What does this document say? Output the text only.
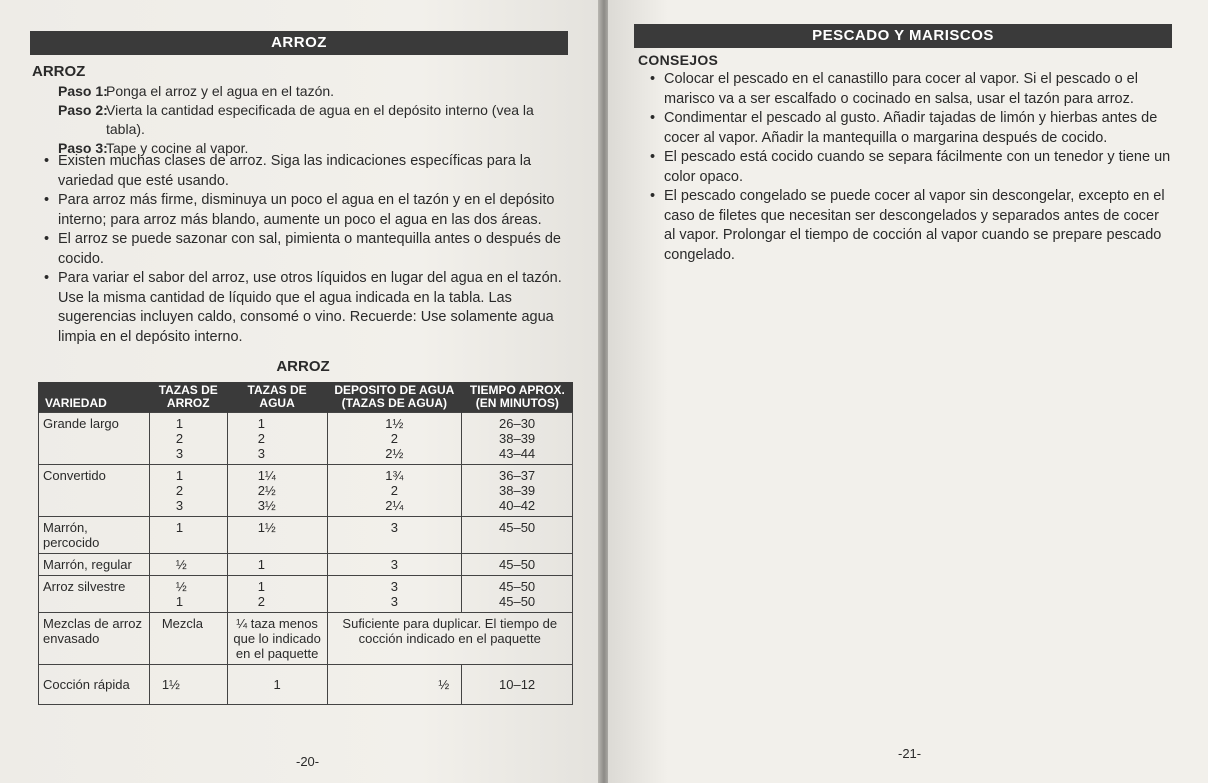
ARROZ
ARROZ
Paso 1:
Ponga el arroz y el agua en el tazón.
Paso 2:
Vierta la cantidad especificada de agua en el depósito interno (vea la tabla).
Paso 3:
Tape y cocine al vapor.
• Existen muchas clases de arroz. Siga las indicaciones específicas para la variedad que esté usando.
• Para arroz más firme, disminuya un poco el agua en el tazón y en el depósito interno; para arroz más blando, aumente un poco el agua en las dos áreas.
• El arroz se puede sazonar con sal, pimienta o mantequilla antes o después de cocido.
• Para variar el sabor del arroz, use otros líquidos en lugar del agua en el tazón. Use la misma cantidad de líquido que el agua indicada en la tabla. Las sugerencias incluyen caldo, consomé o vino. Recuerde: Use solamente agua limpia en el depósito interno.
ARROZ
VARIEDAD	TAZAS DE ARROZ	TAZAS DE AGUA	DEPOSITO DE AGUA (TAZAS DE AGUA)	TIEMPO APROX. (EN MINUTOS)
Grande largo	1
2
3	1
2
3	1½
2
2½	26–30
38–39
43–44

Convertido	1
2
3	1¼
2½
3½	1¾
2
2¼	36–37
38–39
40–42

Marrón, percocido	1	1½	3	45–50

Marrón, regular	½	1	3	45–50

Arroz silvestre	½
1	1
2	3
3	45–50
45–50

Mezclas de arroz envasado	Mezcla	¼ taza menos que lo indicado en el paquette	Suficiente para duplicar. El tiempo de cocción indicado en el paquette	
Cocción rápida	1½	1	½	10–12
-20-
PESCADO Y MARISCOS
CONSEJOS
• Colocar el pescado en el canastillo para cocer al vapor. Si el pescado o el marisco va a ser escalfado o cocinado en salsa, usar el tazón para arroz.
• Condimentar el pescado al gusto. Añadir tajadas de limón y hierbas antes de cocer al vapor. Añadir la mantequilla o margarina después de cocido.
• El pescado está cocido cuando se separa fácilmente con un tenedor y tiene un color opaco.
• El pescado congelado se puede cocer al vapor sin descongelar, excepto en el caso de filetes que necesitan ser descongelados y separados antes de cocer al vapor. Prolongar el tiempo de cocción al vapor cuando se prepare pescado congelado.
-21-
